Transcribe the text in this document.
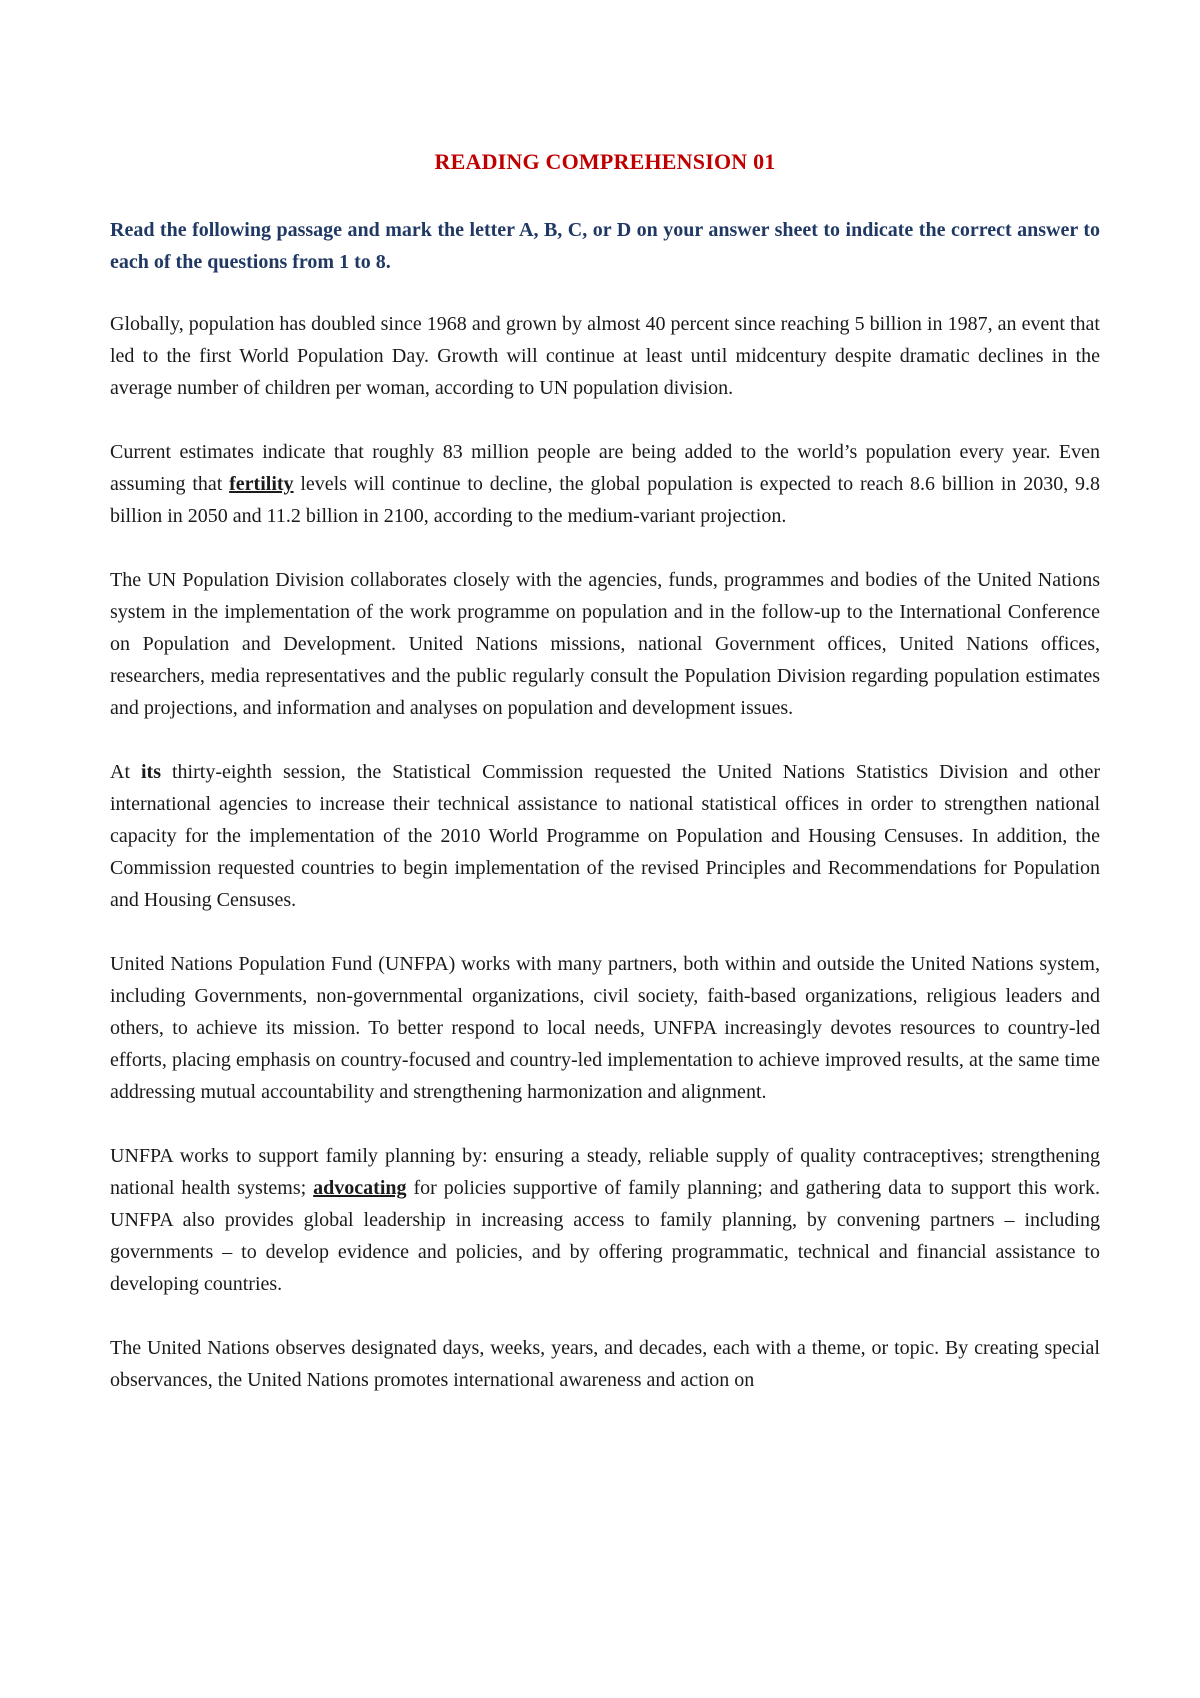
READING COMPREHENSION 01

Read the following passage and mark the letter A, B, C, or D on your answer sheet to indicate the correct answer to each of the questions from 1 to 8.

Globally, population has doubled since 1968 and grown by almost 40 percent since reaching 5 billion in 1987, an event that led to the first World Population Day. Growth will continue at least until midcentury despite dramatic declines in the average number of children per woman, according to UN population division.

Current estimates indicate that roughly 83 million people are being added to the world’s population every year. Even assuming that fertility levels will continue to decline, the global population is expected to reach 8.6 billion in 2030, 9.8 billion in 2050 and 11.2 billion in 2100, according to the medium-variant projection.

The UN Population Division collaborates closely with the agencies, funds, programmes and bodies of the United Nations system in the implementation of the work programme on population and in the follow-up to the International Conference on Population and Development. United Nations missions, national Government offices, United Nations offices, researchers, media representatives and the public regularly consult the Population Division regarding population estimates and projections, and information and analyses on population and development issues.

At its thirty-eighth session, the Statistical Commission requested the United Nations Statistics Division and other international agencies to increase their technical assistance to national statistical offices in order to strengthen national capacity for the implementation of the 2010 World Programme on Population and Housing Censuses. In addition, the Commission requested countries to begin implementation of the revised Principles and Recommendations for Population and Housing Censuses.

United Nations Population Fund (UNFPA) works with many partners, both within and outside the United Nations system, including Governments, non-governmental organizations, civil society, faith-based organizations, religious leaders and others, to achieve its mission. To better respond to local needs, UNFPA increasingly devotes resources to country-led efforts, placing emphasis on country-focused and country-led implementation to achieve improved results, at the same time addressing mutual accountability and strengthening harmonization and alignment.

UNFPA works to support family planning by: ensuring a steady, reliable supply of quality contraceptives; strengthening national health systems; advocating for policies supportive of family planning; and gathering data to support this work. UNFPA also provides global leadership in increasing access to family planning, by convening partners – including governments – to develop evidence and policies, and by offering programmatic, technical and financial assistance to developing countries.

The United Nations observes designated days, weeks, years, and decades, each with a theme, or topic. By creating special observances, the United Nations promotes international awareness and action on
